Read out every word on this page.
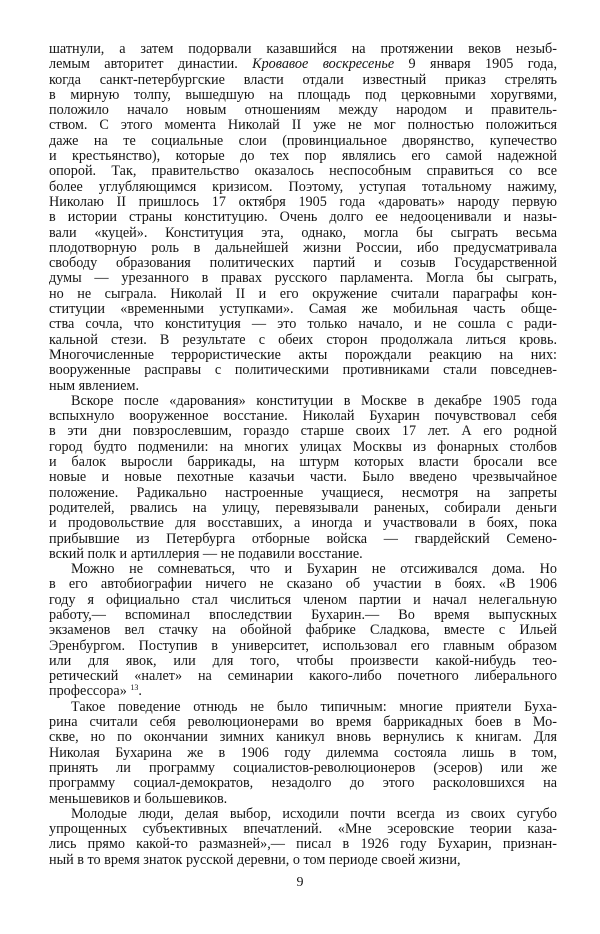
шатнули, а затем подорвали казавшийся на протяжении веков незыб-
лемым авторитет династии. Кровавое воскресенье 9 января 1905 года,
когда санкт-петербургские власти отдали известный приказ стрелять
в мирную толпу, вышедшую на площадь под церковными хоругвями,
положило начало новым отношениям между народом и правитель-
ством. С этого момента Николай II уже не мог полностью положиться
даже на те социальные слои (провинциальное дворянство, купечество
и крестьянство), которые до тех пор являлись его самой надежной
опорой. Так, правительство оказалось неспособным справиться со все
более углубляющимся кризисом. Поэтому, уступая тотальному нажиму,
Николаю II пришлось 17 октября 1905 года «даровать» народу первую
в истории страны конституцию. Очень долго ее недооценивали и назы-
вали «куцей». Конституция эта, однако, могла бы сыграть весьма
плодотворную роль в дальнейшей жизни России, ибо предусматривала
свободу образования политических партий и созыв Государственной
думы — урезанного в правах русского парламента. Могла бы сыграть,
но не сыграла. Николай II и его окружение считали параграфы кон-
ституции «временными уступками». Самая же мобильная часть обще-
ства сочла, что конституция — это только начало, и не сошла с ради-
кальной стези. В результате с обеих сторон продолжала литься кровь.
Многочисленные террористические акты порождали реакцию на них:
вооруженные расправы с политическими противниками стали повседнев-
ным явлением.
Вскоре после «дарования» конституции в Москве в декабре 1905 года
вспыхнуло вооруженное восстание. Николай Бухарин почувствовал себя
в эти дни повзрослевшим, гораздо старше своих 17 лет. А его родной
город будто подменили: на многих улицах Москвы из фонарных столбов
и балок выросли баррикады, на штурм которых власти бросали все
новые и новые пехотные казачьи части. Было введено чрезвычайное
положение. Радикально настроенные учащиеся, несмотря на запреты
родителей, рвались на улицу, перевязывали раненых, собирали деньги
и продовольствие для восставших, а иногда и участвовали в боях, пока
прибывшие из Петербурга отборные войска — гвардейский Семено-
вский полк и артиллерия — не подавили восстание.
Можно не сомневаться, что и Бухарин не отсиживался дома. Но
в его автобиографии ничего не сказано об участии в боях. «В 1906
году я официально стал числиться членом партии и начал нелегальную
работу,— вспоминал впоследствии Бухарин.— Во время выпускных
экзаменов вел стачку на обойной фабрике Сладкова, вместе с Ильей
Эренбургом. Поступив в университет, использовал его главным образом
или для явок, или для того, чтобы произвести какой-нибудь тео-
ретический «налет» на семинарии какого-либо почетного либерального
профессора» $^{13}$.
Такое поведение отнюдь не было типичным: многие приятели Буха-
рина считали себя революционерами во время баррикадных боев в Мо-
скве, но по окончании зимних каникул вновь вернулись к книгам. Для
Николая Бухарина же в 1906 году дилемма состояла лишь в том,
принять ли программу социалистов-революционеров (эсеров) или же
программу социал-демократов, незадолго до этого расколовшихся на
меньшевиков и большевиков.
Молодые люди, делая выбор, исходили почти всегда из своих сугубо
упрощенных субъективных впечатлений. «Мне эсеровские теории каза-
лись прямо какой-то размазней»,— писал в 1926 году Бухарин, признан-
ный в то время знаток русской деревни, о том периоде своей жизни,
9
